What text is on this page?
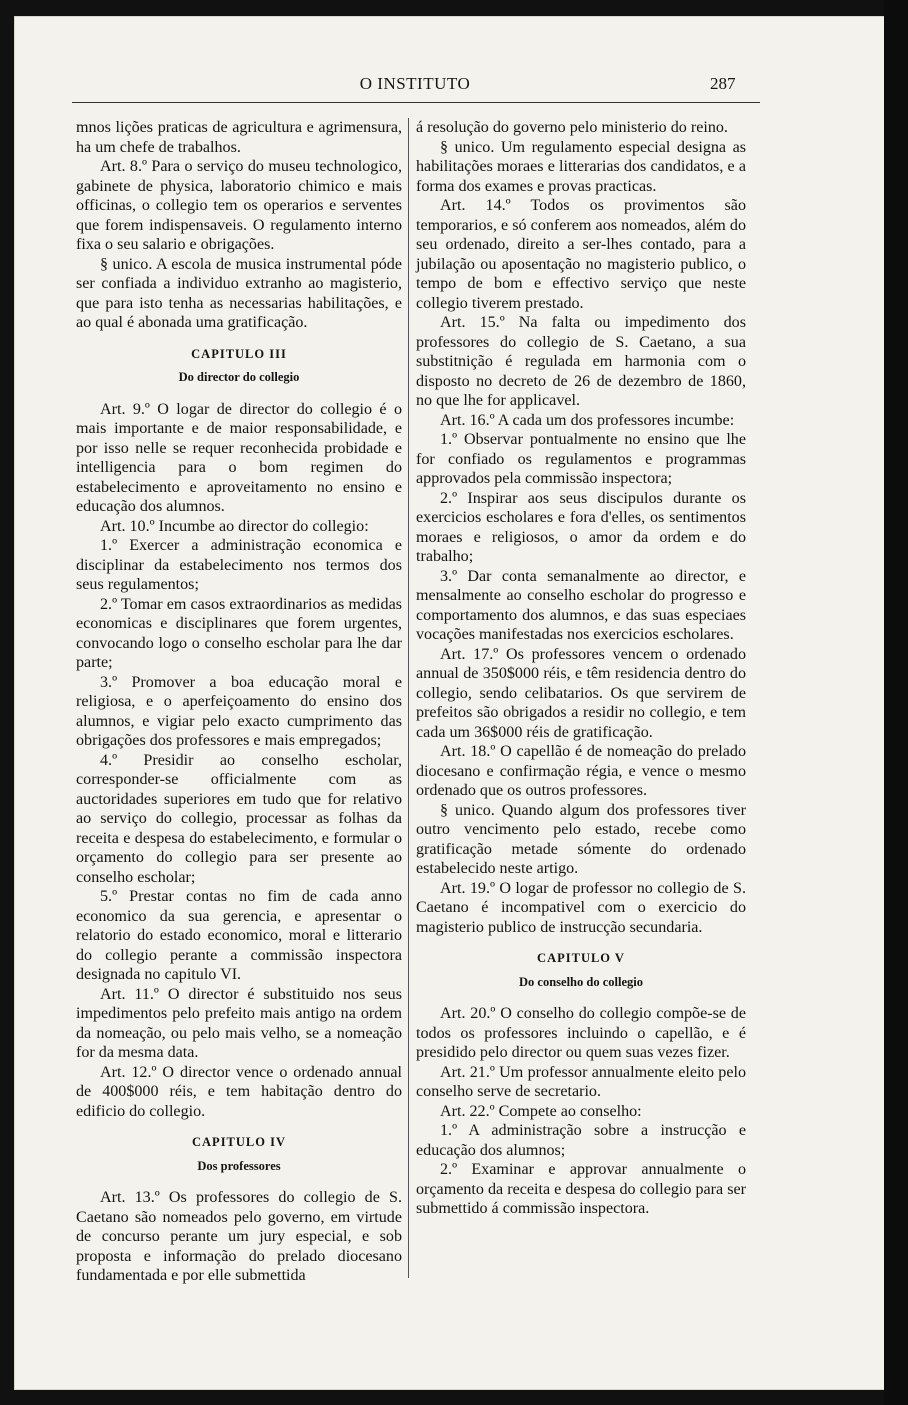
O INSTITUTO	287
mnos lições praticas de agricultura e agrimensura, ha um chefe de trabalhos.
Art. 8.º Para o serviço do museu technologico, gabinete de physica, laboratorio chimico e mais officinas, o collegio tem os operarios e serventes que forem indispensaveis. O regulamento interno fixa o seu salario e obrigações.
§ unico. A escola de musica instrumental póde ser confiada a individuo extranho ao magisterio, que para isto tenha as necessarias habilitações, e ao qual é abonada uma gratificação.
CAPITULO III
Do director do collegio
Art. 9.º O logar de director do collegio é o mais importante e de maior responsabilidade, e por isso nelle se requer reconhecida probidade e intelligencia para o bom regimen do estabelecimento e aproveitamento no ensino e educação dos alumnos.
Art. 10.º Incumbe ao director do collegio:
1.º Exercer a administração economica e disciplinar da estabelecimento nos termos dos seus regulamentos;
2.º Tomar em casos extraordinarios as medidas economicas e disciplinares que forem urgentes, convocando logo o conselho escholar para lhe dar parte;
3.º Promover a boa educação moral e religiosa, e o aperfeiçoamento do ensino dos alumnos, e vigiar pelo exacto cumprimento das obrigações dos professores e mais empregados;
4.º Presidir ao conselho escholar, corresponder-se officialmente com as auctoridades superiores em tudo que for relativo ao serviço do collegio, processar as folhas da receita e despesa do estabelecimento, e formular o orçamento do collegio para ser presente ao conselho escholar;
5.º Prestar contas no fim de cada anno economico da sua gerencia, e apresentar o relatorio do estado economico, moral e litterario do collegio perante a commissão inspectora designada no capitulo VI.
Art. 11.º O director é substituido nos seus impedimentos pelo prefeito mais antigo na ordem da nomeação, ou pelo mais velho, se a nomeação for da mesma data.
Art. 12.º O director vence o ordenado annual de 400$000 réis, e tem habitação dentro do edificio do collegio.
CAPITULO IV
Dos professores
Art. 13.º Os professores do collegio de S. Caetano são nomeados pelo governo, em virtude de concurso perante um jury especial, e sob proposta e informação do prelado diocesano fundamentada e por elle submettida
á resolução do governo pelo ministerio do reino.
§ unico. Um regulamento especial designa as habilitações moraes e litterarias dos candidatos, e a forma dos exames e provas practicas.
Art. 14.º Todos os provimentos são temporarios, e só conferem aos nomeados, além do seu ordenado, direito a ser-lhes contado, para a jubilação ou aposentação no magisterio publico, o tempo de bom e effectivo serviço que neste collegio tiverem prestado.
Art. 15.º Na falta ou impedimento dos professores do collegio de S. Caetano, a sua substitnição é regulada em harmonia com o disposto no decreto de 26 de dezembro de 1860, no que lhe for applicavel.
Art. 16.º A cada um dos professores incumbe:
1.º Observar pontualmente no ensino que lhe for confiado os regulamentos e programmas approvados pela commissão inspectora;
2.º Inspirar aos seus discipulos durante os exercicios escholares e fora d'elles, os sentimentos moraes e religiosos, o amor da ordem e do trabalho;
3.º Dar conta semanalmente ao director, e mensalmente ao conselho escholar do progresso e comportamento dos alumnos, e das suas especiaes vocações manifestadas nos exercicios escholares.
Art. 17.º Os professores vencem o ordenado annual de 350$000 réis, e têm residencia dentro do collegio, sendo celibatarios. Os que servirem de prefeitos são obrigados a residir no collegio, e tem cada um 36$000 réis de gratificação.
Art. 18.º O capellão é de nomeação do prelado diocesano e confirmação régia, e vence o mesmo ordenado que os outros professores.
§ unico. Quando algum dos professores tiver outro vencimento pelo estado, recebe como gratificação metade sómente do ordenado estabelecido neste artigo.
Art. 19.º O logar de professor no collegio de S. Caetano é incompativel com o exercicio do magisterio publico de instrucção secundaria.
CAPITULO V
Do conselho do collegio
Art. 20.º O conselho do collegio compõe-se de todos os professores incluindo o capellão, e é presidido pelo director ou quem suas vezes fizer.
Art. 21.º Um professor annualmente eleito pelo conselho serve de secretario.
Art. 22.º Compete ao conselho:
1.º A administração sobre a instrucção e educação dos alumnos;
2.º Examinar e approvar annualmente o orçamento da receita e despesa do collegio para ser submettido á commissão inspectora.
